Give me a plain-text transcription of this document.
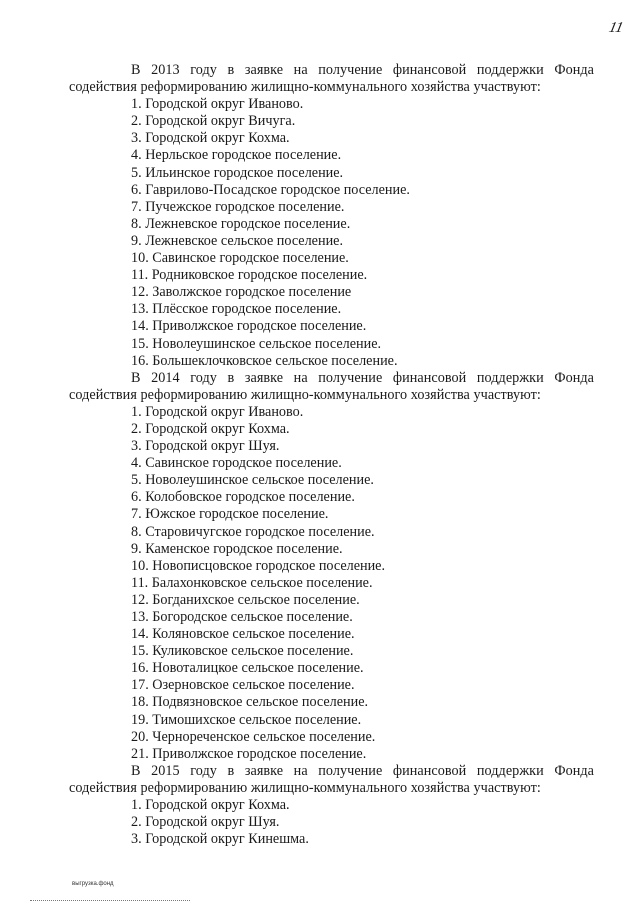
11

В 2013 году в заявке на получение финансовой поддержки Фонда
содействия реформированию жилищно-коммунального хозяйства участвуют:

1. Городской округ Иваново.
2. Городской округ Вичуга.
3. Городской округ Кохма.
4. Нерльское городское поселение.
5. Ильинское городское поселение.
6. Гаврилово-Посадское городское поселение.
7. Пучежское городское поселение.
8. Лежневское городское поселение.
9. Лежневское сельское поселение.
10. Савинское городское поселение.
11. Родниковское городское поселение.
12. Заволжское городское поселение
13. Плёсское городское поселение.
14. Приволжское городское поселение.
15. Новолеушинское сельское поселение.
16. Большеклочковское сельское поселение.

В 2014 году в заявке на получение финансовой поддержки Фонда
содействия реформированию жилищно-коммунального хозяйства участвуют:

1. Городской округ Иваново.
2. Городской округ Кохма.
3. Городской округ Шуя.
4. Савинское городское поселение.
5. Новолеушинское сельское поселение.
6. Колобовское городское поселение.
7. Южское городское поселение.
8. Старовичугское городское поселение.
9. Каменское городское поселение.
10. Новописцовское городское поселение.
11. Балахонковское сельское поселение.
12. Богданихское сельское поселение.
13. Богородское сельское поселение.
14. Коляновское сельское поселение.
15. Куликовское сельское поселение.
16. Новоталицкое сельское поселение.
17. Озерновское сельское поселение.
18. Подвязновское сельское поселение.
19. Тимошихское сельское поселение.
20. Чернореченское сельское поселение.
21. Приволжское городское поселение.

В 2015 году в заявке на получение финансовой поддержки Фонда
содействия реформированию жилищно-коммунального хозяйства участвуют:

1. Городской округ Кохма.
2. Городской округ Шуя.
3. Городской округ Кинешма.
выгрузка.фонд
